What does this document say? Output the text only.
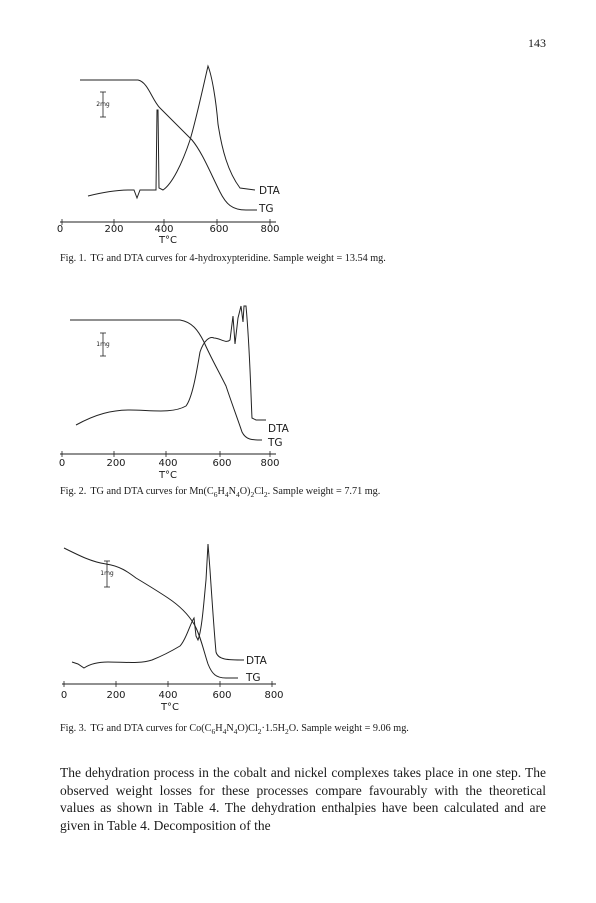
143
0	200	400	600	800
T°C
2mg
DTA
TG
Fig. 1. TG and DTA curves for 4-hydroxypteridine. Sample weight = 13.54 mg.
0	200	400	600	800
T°C
1mg
DTA
TG
Fig. 2. TG and DTA curves for $Mn(C_6H_4N_4O)_2Cl_2$. Sample weight = 7.71 mg.
0	200	400	600	800
T°C
1mg
DTA
TG
Fig. 3. TG and DTA curves for $Co(C_6H_4N_4O)Cl_2\cdot 1.5H_2O$. Sample weight = 9.06 mg.

The dehydration process in the cobalt and nickel complexes takes place in one step. The observed weight losses for these processes compare favourably with the theoretical values as shown in Table 4. The dehydration enthalpies have been calculated and are given in Table 4. Decomposition of the
